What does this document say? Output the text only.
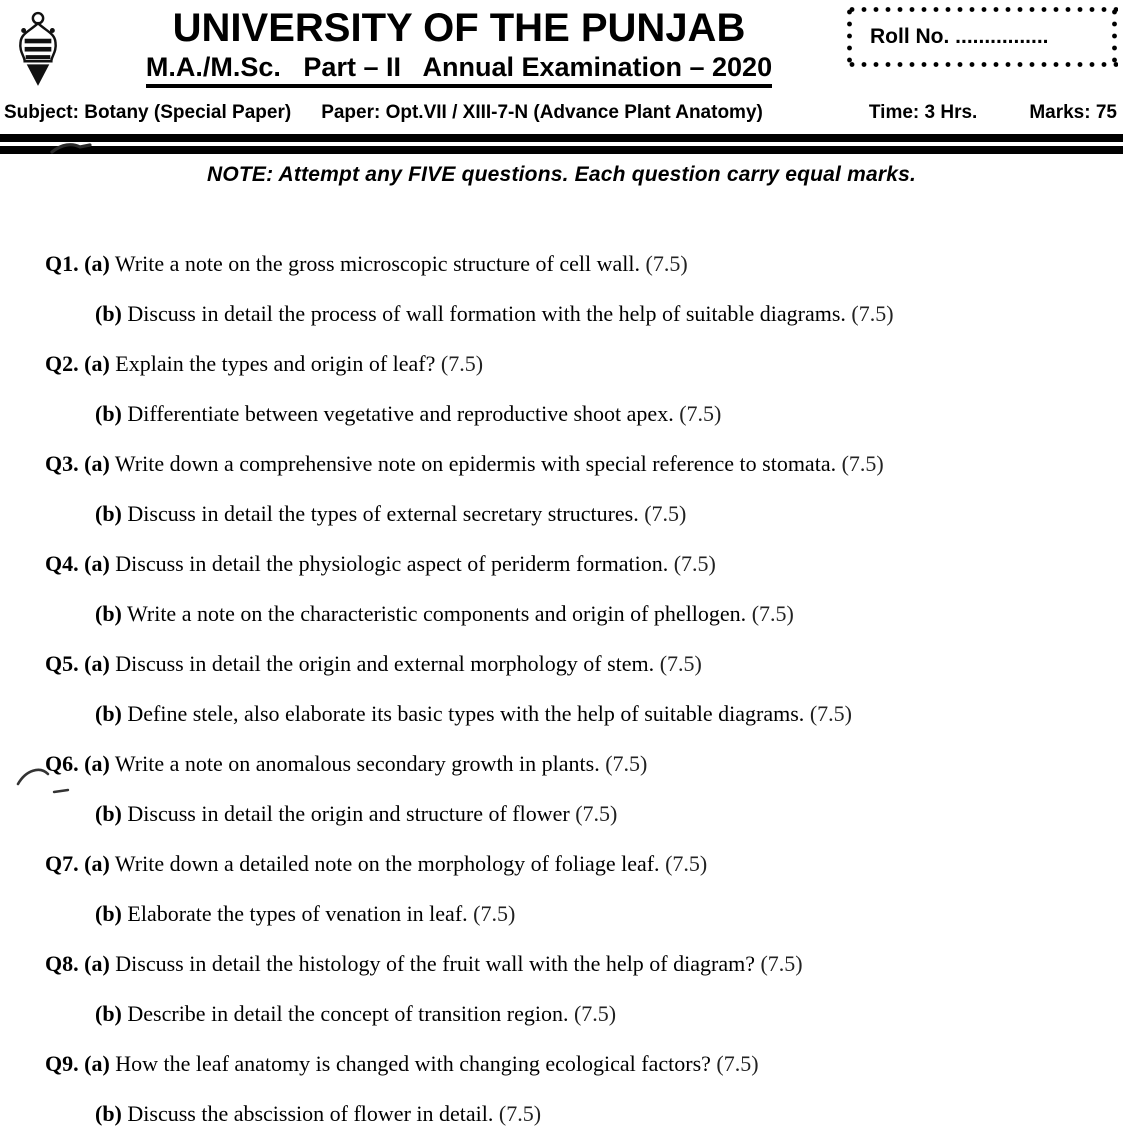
UNIVERSITY OF THE PUNJAB
M.A./M.Sc.   Part – II   Annual Examination – 2020
Roll No. ................
Subject: Botany (Special Paper) Paper: Opt.VII / XIII-7-N (Advance Plant Anatomy)	Time: 3 Hrs.	Marks: 75
NOTE: Attempt any FIVE questions. Each question carry equal marks.
Q1. (a) Write a note on the gross microscopic structure of cell wall. (7.5)
(b) Discuss in detail the process of wall formation with the help of suitable diagrams. (7.5)
Q2. (a) Explain the types and origin of leaf? (7.5)
(b) Differentiate between vegetative and reproductive shoot apex. (7.5)
Q3. (a) Write down a comprehensive note on epidermis with special reference to stomata. (7.5)
(b) Discuss in detail the types of external secretary structures. (7.5)
Q4. (a) Discuss in detail the physiologic aspect of periderm formation. (7.5)
(b) Write a note on the characteristic components and origin of phellogen. (7.5)
Q5. (a) Discuss in detail the origin and external morphology of stem. (7.5)
(b) Define stele, also elaborate its basic types with the help of suitable diagrams. (7.5)
Q6. (a) Write a note on anomalous secondary growth in plants. (7.5)
(b) Discuss in detail the origin and structure of flower (7.5)
Q7. (a) Write down a detailed note on the morphology of foliage leaf. (7.5)
(b) Elaborate the types of venation in leaf. (7.5)
Q8. (a) Discuss in detail the histology of the fruit wall with the help of diagram? (7.5)
(b) Describe in detail the concept of transition region. (7.5)
Q9. (a) How the leaf anatomy is changed with changing ecological factors? (7.5)
(b) Discuss the abscission of flower in detail. (7.5)
